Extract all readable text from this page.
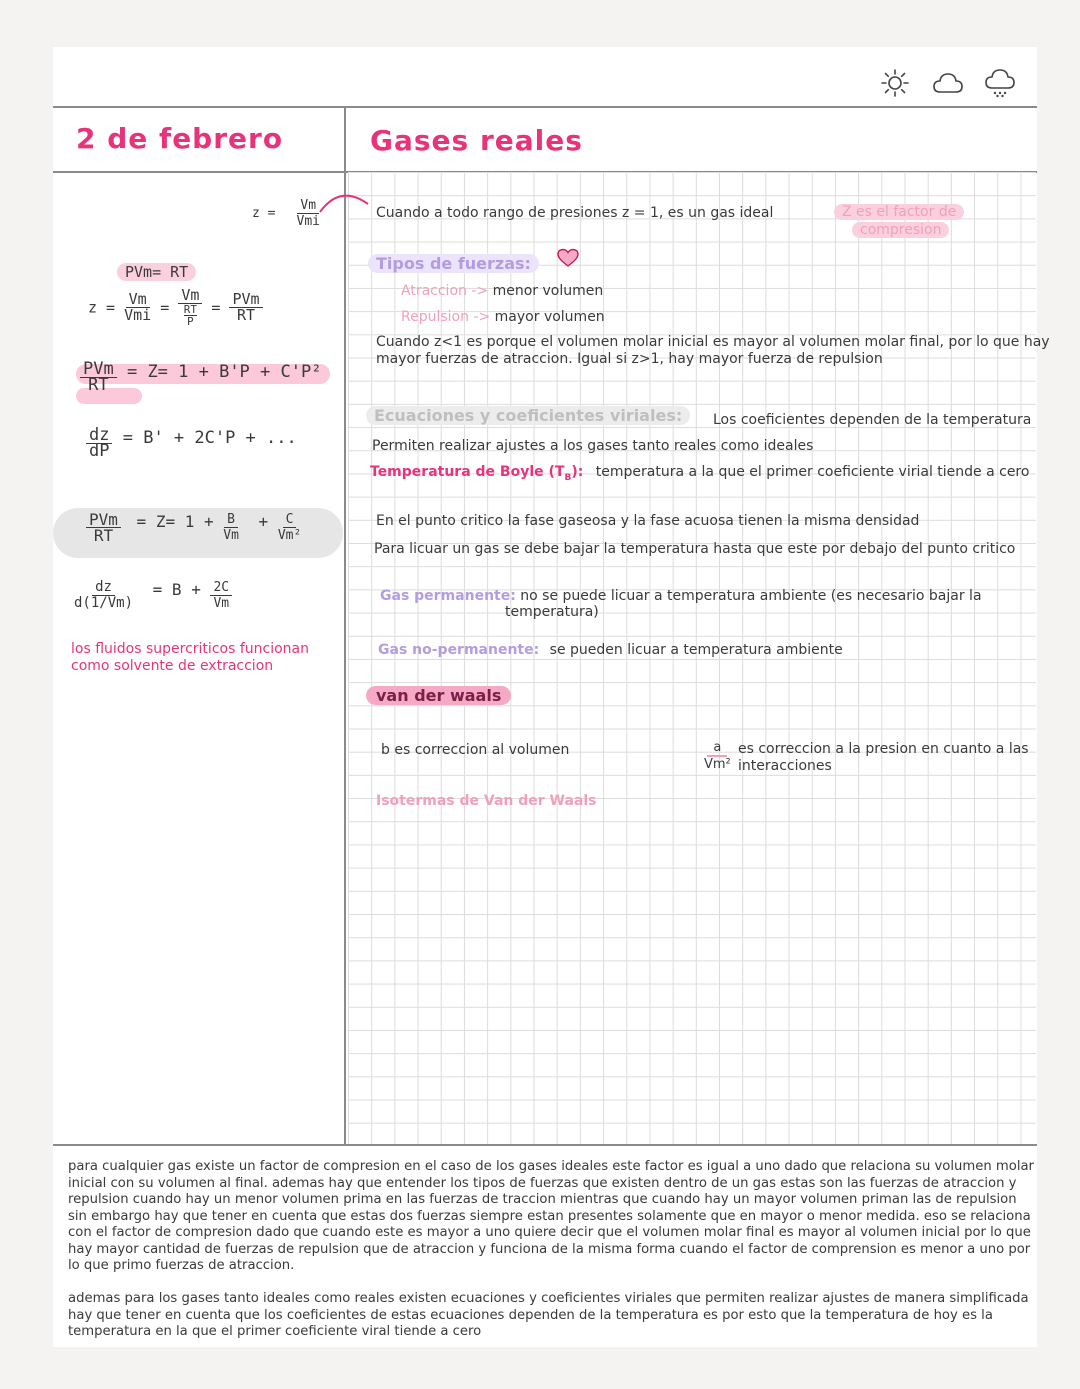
2 de febrero	Gases reales
$z = \frac{Vm}{\text{Vmi}}$
PVm= RT
$z = \frac{Vm}{\text{Vmi}}$ =
Vm
RT
P
= $\frac{\text{PVm}}{RT}$
$\frac{\text{PVm}}{RT} = Z= 1 + B'P + C'P^2$
$\frac{dz}{dP} = B' + 2C'P$ + ...
$\frac{\text{PVm}}{RT} = Z= 1 + \frac{B}{Vm} + \frac{C}{\text{Vm²}}$
$\frac{dz}{d(1/Vm)} = B + \frac{2C}{Vm}$
los fluidos supercriticos funcionan
como solvente de extraccion
Cuando a todo rango de presiones z = 1, es un gas ideal	Z es el factor de
compresion
Tipos de fuerzas:
Atraccion -> menor volumen
Repulsion -> mayor volumen
Cuando z<1 es porque el volumen molar inicial es mayor al volumen molar final, por lo que hay
mayor fuerzas de atraccion. Igual si z>1, hay mayor fuerza de repulsion
Ecuaciones y coeficientes viriales:	Los coeficientes dependen de la temperatura
Permiten realizar ajustes a los gases tanto reales como ideales
Temperatura de Boyle $(T_B)$: temperatura a la que el primer coeficiente virial tiende a cero
En el punto critico la fase gaseosa y la fase acuosa tienen la misma densidad
Para licuar un gas se debe bajar la temperatura hasta que este por debajo del punto critico
Gas permanente: no se puede licuar a temperatura ambiente (es necesario bajar la
temperatura)
Gas no-permanente: se pueden licuar a temperatura ambiente
van der waals
b es correccion al volumen	$\frac{a}{\text{Vm²}}$ es correccion a la presion en cuanto a las
interacciones
Isotermas de Van der Waals
para cualquier gas existe un factor de compresion en el caso de los gases ideales este factor es igual a uno dado que relaciona su volumen molar inicial con su volumen al final. ademas hay que entender los tipos de fuerzas que existen dentro de un gas estas son las fuerzas de atraccion y repulsion cuando hay un menor volumen prima en las fuerzas de traccion mientras que cuando hay un mayor volumen priman las de repulsion sin embargo hay que tener en cuenta que estas dos fuerzas siempre estan presentes solamente que en mayor o menor medida. eso se relaciona con el factor de compresion dado que cuando este es mayor a uno quiere decir que el volumen molar final es mayor al volumen inicial por lo que hay mayor cantidad de fuerzas de repulsion que de atraccion y funciona de la misma forma cuando el factor de comprension es menor a uno por lo que primo fuerzas de atraccion.
ademas para los gases tanto ideales como reales existen ecuaciones y coeficientes viriales que permiten realizar ajustes de manera simplificada hay que tener en cuenta que los coeficientes de estas ecuaciones dependen de la temperatura es por esto que la temperatura de hoy es la temperatura en la que el primer coeficiente viral tiende a cero
